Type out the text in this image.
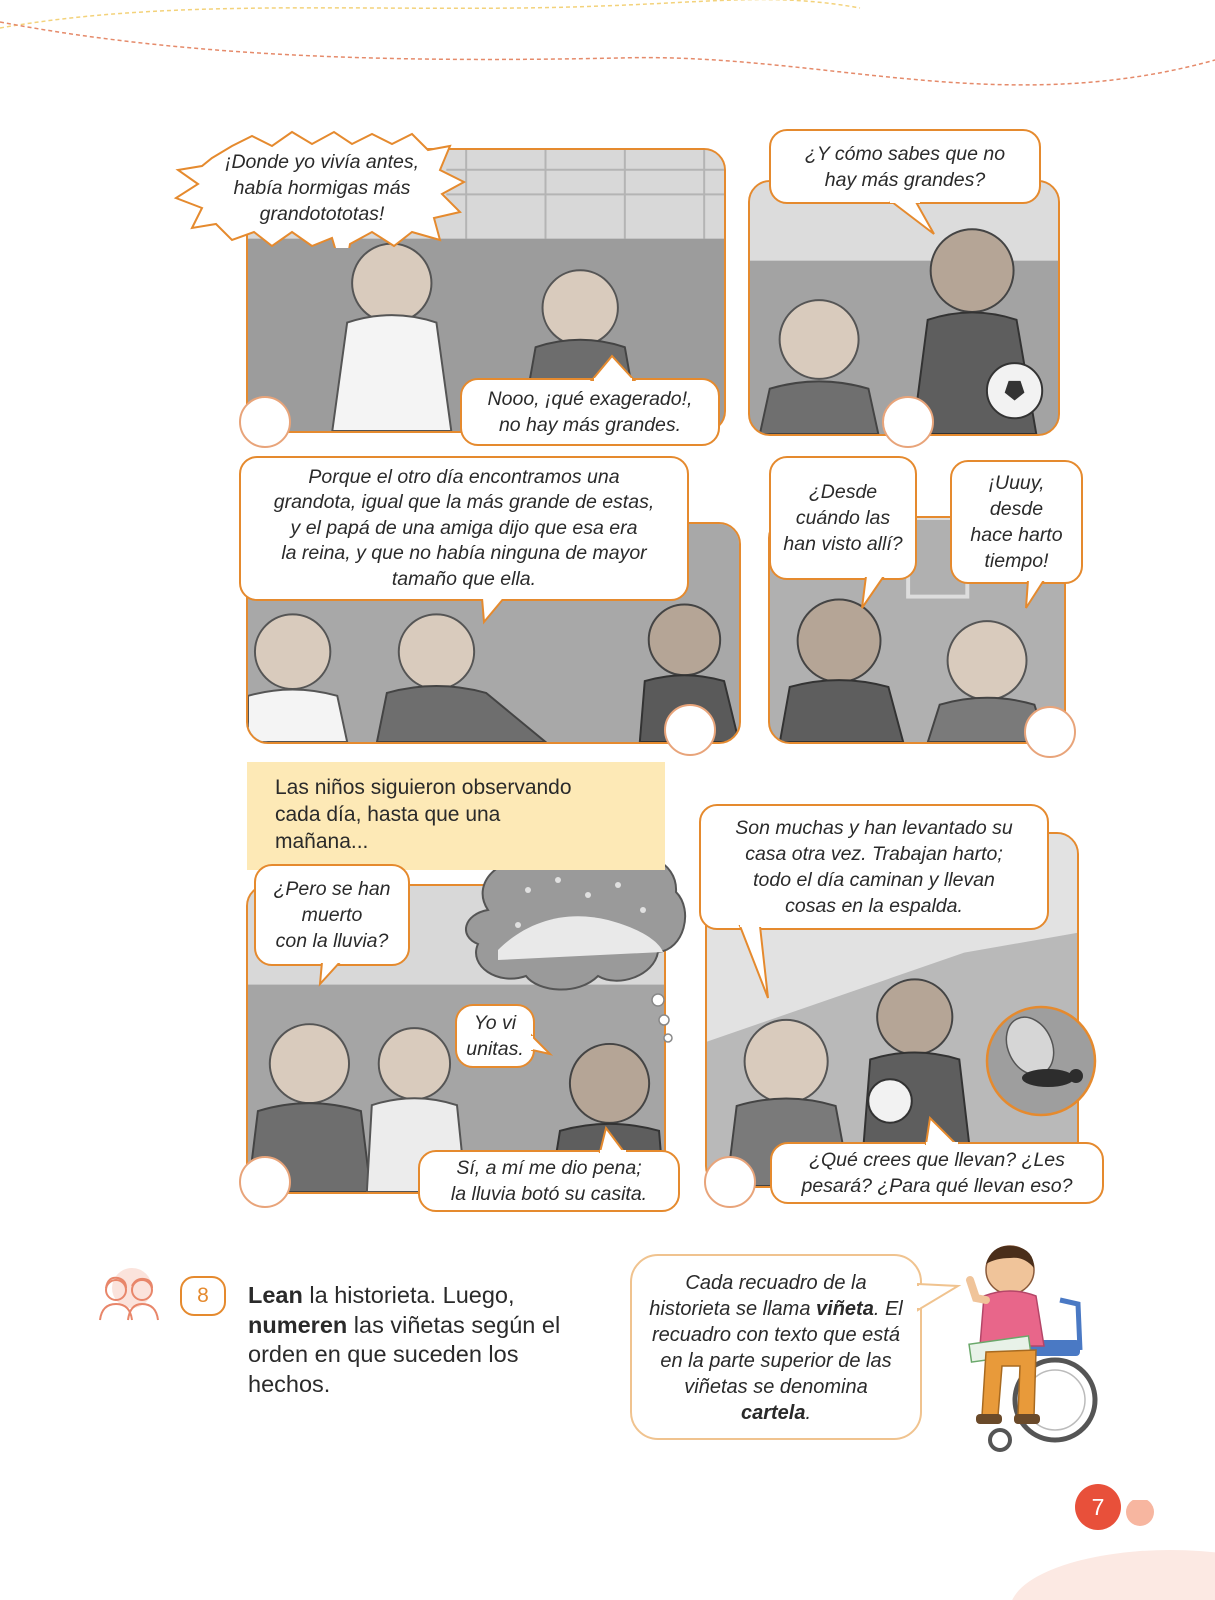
¡Donde yo vivía antes,
había hormigas más
grandotototas!
Nooo, ¡qué exagerado!,
no hay más grandes.
¿Y cómo sabes que no
hay más grandes?
Porque el otro día encontramos una
grandota, igual que la más grande de estas,
y el papá de una amiga dijo que esa era
la reina, y que no había ninguna de mayor
tamaño que ella.
¿Desde
cuándo las
han visto allí?
¡Uuuy,
desde
hace harto
tiempo!
Las niños siguieron observando
cada día, hasta que una
mañana...
¿Pero se han
muerto
con la lluvia?
Yo vi
unitas.
Sí, a mí me dio pena;
la lluvia botó su casita.
Son muchas y han levantado su
casa otra vez. Trabajan harto;
todo el día caminan y llevan
cosas en la espalda.
¿Qué crees que llevan? ¿Les
pesará? ¿Para qué llevan eso?
8	Lean la historieta. Luego, numeren las viñetas según el orden en que suceden los hechos.
Cada recuadro de la historieta se llama viñeta. El recuadro con texto que está en la parte superior de las viñetas se denomina cartela.
7
